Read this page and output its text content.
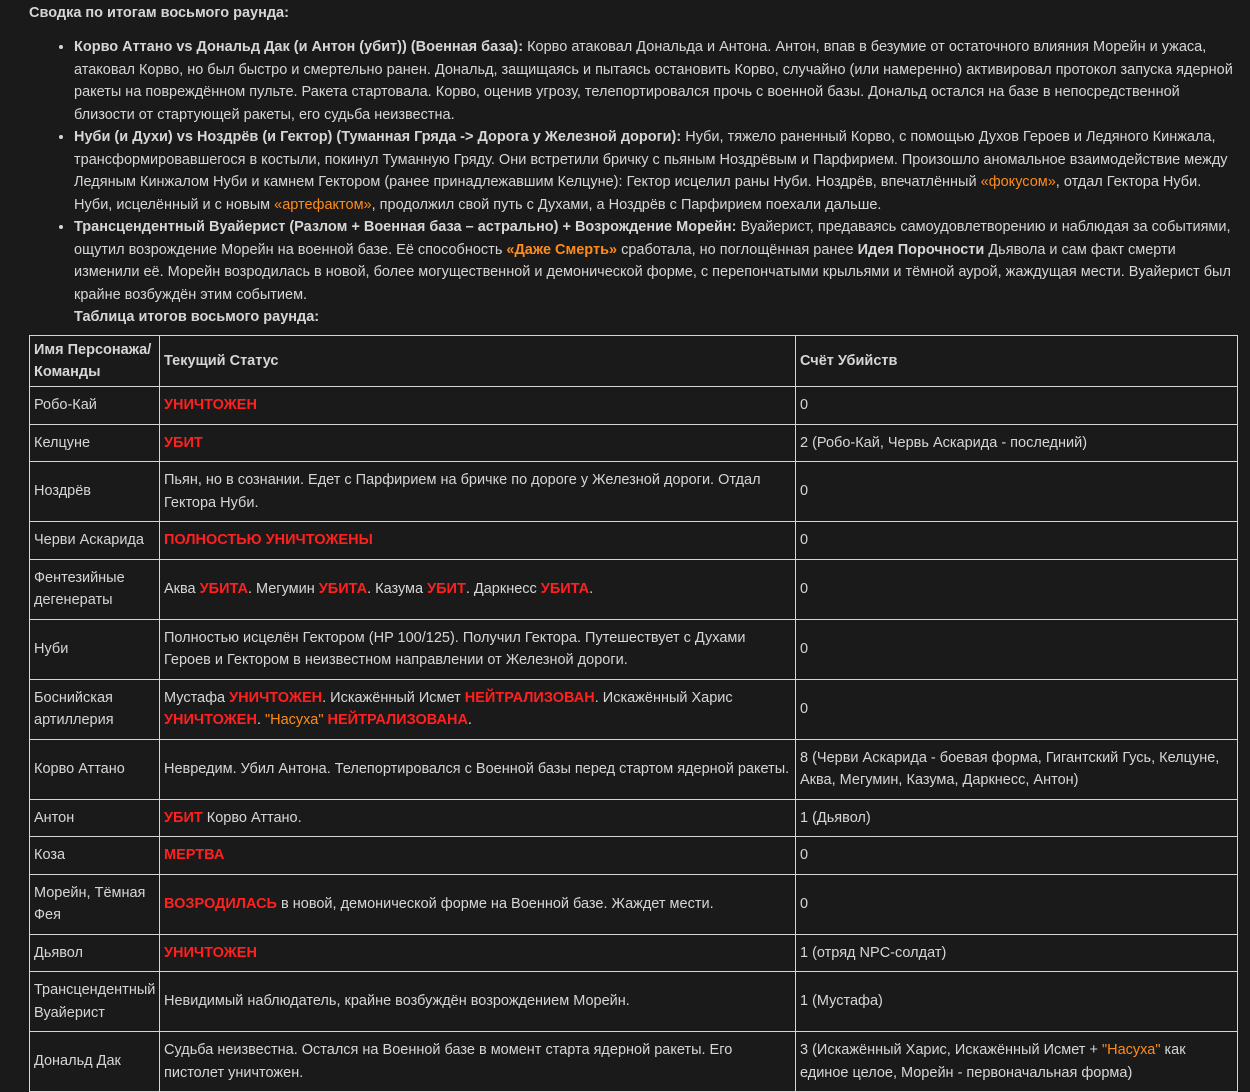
Сводка по итогам восьмого раунда:

• Корво Аттано vs Дональд Дак (и Антон (убит)) (Военная база): Корво атаковал Дональда и Антона. Антон, впав в безумие от остаточного влияния Морейн и ужаса, атаковал Корво, но был быстро и смертельно ранен. Дональд, защищаясь и пытаясь остановить Корво, случайно (или намеренно) активировал протокол запуска ядерной ракеты на повреждённом пульте. Ракета стартовала. Корво, оценив угрозу, телепортировался прочь с военной базы. Дональд остался на базе в непосредственной близости от стартующей ракеты, его судьба неизвестна.
• Нуби (и Духи) vs Ноздрёв (и Гектор) (Туманная Гряда -> Дорога у Железной дороги): Нуби, тяжело раненный Корво, с помощью Духов Героев и Ледяного Кинжала, трансформировавшегося в костыли, покинул Туманную Гряду. Они встретили бричку с пьяным Ноздрёвым и Парфирием. Произошло аномальное взаимодействие между Ледяным Кинжалом Нуби и камнем Гектором (ранее принадлежавшим Келцуне): Гектор исцелил раны Нуби. Ноздрёв, впечатлённый «фокусом», отдал Гектора Нуби. Нуби, исцелённый и с новым «артефактом», продолжил свой путь с Духами, а Ноздрёв с Парфирием поехали дальше.
• Трансцендентный Вуайерист (Разлом + Военная база – астрально) + Возрождение Морейн: Вуайерист, предаваясь самоудовлетворению и наблюдая за событиями, ощутил возрождение Морейн на военной базе. Её способность «Даже Смерть» сработала, но поглощённая ранее Идея Порочности Дьявола и сам факт смерти изменили её. Морейн возродилась в новой, более могущественной и демонической форме, с перепончатыми крыльями и тёмной аурой, жаждущая мести. Вуайерист был крайне возбуждён этим событием.

Таблица итогов восьмого раунда:

Имя Персонажа/ Команды	Текущий Статус	Счёт Убийств
Робо-Кай	УНИЧТОЖЕН	0
Келцуне	УБИТ	2 (Робо-Кай, Червь Аскарида - последний)
Ноздрёв	Пьян, но в сознании. Едет с Парфирием на бричке по дороге у Железной дороги. Отдал Гектора Нуби.	0
Черви Аскарида	ПОЛНОСТЬЮ УНИЧТОЖЕНЫ	0
Фентезийные дегенераты	Аква УБИТА. Мегумин УБИТА. Казума УБИТ. Даркнесс УБИТА.	0
Нуби	Полностью исцелён Гектором (HP 100/125). Получил Гектора. Путешествует с Духами Героев и Гектором в неизвестном направлении от Железной дороги.	0
Боснийская артиллерия	Мустафа УНИЧТОЖЕН. Искажённый Исмет НЕЙТРАЛИЗОВАН. Искажённый Харис УНИЧТОЖЕН. "Насуха" НЕЙТРАЛИЗОВАНА.	0
Корво Аттано	Невредим. Убил Антона. Телепортировался с Военной базы перед стартом ядерной ракеты.	8 (Черви Аскарида - боевая форма, Гигантский Гусь, Келцуне, Аква, Мегумин, Казума, Даркнесс, Антон)
Антон	УБИТ Корво Аттано.	1 (Дьявол)
Коза	МЕРТВА	0
Морейн, Тёмная Фея	ВОЗРОДИЛАСЬ в новой, демонической форме на Военной базе. Жаждет мести.	0
Дьявол	УНИЧТОЖЕН	1 (отряд NPC-солдат)
Трансцендентный Вуайерист	Невидимый наблюдатель, крайне возбуждён возрождением Морейн.	1 (Мустафа)
Дональд Дак	Судьба неизвестна. Остался на Военной базе в момент старта ядерной ракеты. Его пистолет уничтожен.	3 (Искажённый Харис, Искажённый Исмет + "Насуха" как единое целое, Морейн - первоначальная форма)
